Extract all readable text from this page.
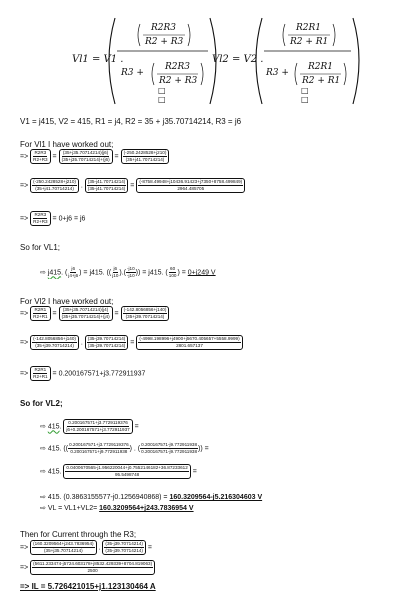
Vl1 = V1 .
R2R3
R2 + R3
R3 +
R2R3
R2 + R3
□
□
Vl2 = V2 .
R2R1
R2 + R1
R3 +
R2R1
R2 + R1
□
□
V1 = j415, V2 = 415, R1 = j4, R2 = 35 + j35.70714214, R3 = j6
For Vl1 I have worked out;
=> $\frac{R2R3}{R2+R3} = \frac{(35+j35.70714214)(j6)}{(35+j35.70714214)+(j6)} = \frac{(-250.2428528+j210)}{(35+j41.70714214)}$
=> $\frac{(-250.2428528+j210)}{(35+j41.70714214)}$ . $\frac{(35-j41.70714214)}{(35-j41.70714214)} = \frac{(-8758.49948+j10436.91423+j7350+8758.499849)}{2964.485705}$
=> $\frac{R2R3}{R2+R3} = 0+j6 = j6$
So for VL1;
⇨ j415. ( $\frac{j6}{j4+j6}$ ) = j415. (( $\frac{j6}{j10}$ ).( $\frac{-j10}{-j10}$ )) = j415. ( $\frac{60}{100}$ ) = 0+j249 V
For Vl2 I have worked out;
=> $\frac{R2R1}{R2+R1} = \frac{(35+j35.70714214)(j4)}{(35+j35.70714214)+(j4)} = \frac{(-142.8056856+j140)}{(35+j39.70714214)}$
=> $\frac{(-142.8056856+j140)}{(35+j39.70714214)}$ . $\frac{(35-j39.70714214)}{(35-j39.70714214)} = \frac{(-4998.198996+j4900+j5670.405657+5558.9999)}{2801.657137}$
=> $\frac{R2R1}{R2+R1} = 0.200167571+j3.772911937$
So for VL2;
⇨ 415. $\frac{0.200167571+j3.7729119376}{j6+0.200167571+j3.772911937}$ =
⇨ 415. (( $\frac{0.200167571+j3.7729119376}{0.200167571+j9.772911938}$ ) . ( $\frac{0.200167571-j9.772911938}{0.200167571-j9.772911938}$ )) =
⇨ 415. $\frac{0.0400670565-j1.956220044+j0.7552146182+36.87233612}{95.5498748}$ =
⇨ 415. (0.3863155577-j0.1256940868) = 160.3209564-j5.216304603 V
⇨ VL = VL1+VL2= 160.3209564+j243.7836954 V
Then for Current through the R3;
=> $\frac{(160.3209564+j243.7836954)}{(35+j35.70714214)}$ . $\frac{(35-j39.70714214)}{(35-j39.70714214)}$ =
=> $\frac{(5611.233474-j5724.603178+j8532.429339+8704.819063)}{2500}$
=> IL = 5.726421015+j1.123130464 A
